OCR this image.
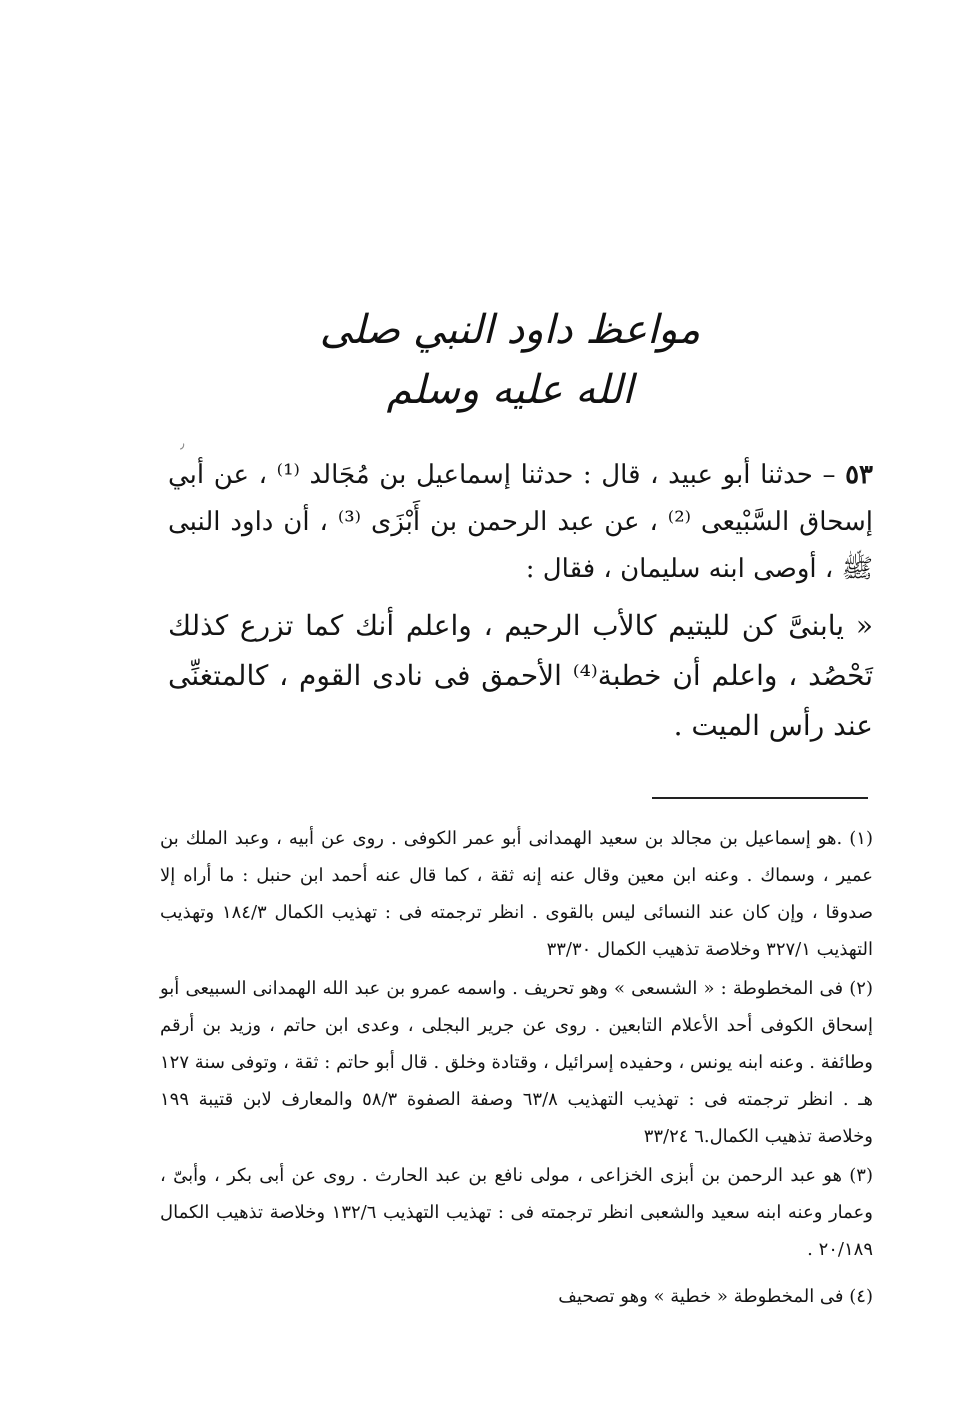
مواعظ داود النبي صلى الله عليه وسلم
٫

٥٣ – حدثنا أبو عبيد ، قال : حدثنا إسماعيل بن مُجَالد ⁽¹⁾ ، عن أبي إسحاق السَّبْيعى ⁽²⁾ ، عن عبد الرحمن بن أَبْزَى ⁽³⁾ ، أن داود النبى ﷺ ، أوصى ابنه سليمان ، فقال :

« يابنىَّ كن لليتيم كالأب الرحيم ، واعلم أنك كما تزرع كذلك تَحْصُد ، واعلم أن خطبة⁽⁴⁾ الأحمق فى نادى القوم ، كالمتغنِّى عند رأس الميت .

(١) .هو إسماعيل بن مجالد بن سعيد الهمدانى أبو عمر الكوفى . روى عن أبيه ، وعبد الملك بن عمير ، وسماك . وعنه ابن معين وقال عنه إنه ثقة ، كما قال عنه أحمد ابن حنبل : ما أراه إلا صدوقا ، وإن كان عند النسائى ليس بالقوى . انظر ترجمته فى : تهذيب الكمال ١٨٤/٣ وتهذيب التهذيب ٣٢٧/١ وخلاصة تذهيب الكمال ٣٣/٣٠

(٢) فى المخطوطة : « الشسعى » وهو تحريف . واسمه عمرو بن عبد الله الهمدانى السبيعى أبو إسحاق الكوفى أحد الأعلام التابعين . روى عن جرير البجلى ، وعدى ابن حاتم ، وزيد بن أرقم وطائفة . وعنه ابنه يونس ، وحفيده إسرائيل ، وقتادة وخلق . قال أبو حاتم : ثقة ، وتوفى سنة ١٢٧ هـ . انظر ترجمته فى : تهذيب التهذيب ٦٣/٨ وصفة الصفوة ٥٨/٣ والمعارف لابن قتيبة ١٩٩ وخلاصة تذهيب الكمال.٦ ٣٣/٢٤

(٣) هو عبد الرحمن بن أبزى الخزاعى ، مولى نافع بن عبد الحارث . روى عن أبى بكر ، وأبىّ ، وعمار وعنه ابنه سعيد والشعبى انظر ترجمته فى : تهذيب التهذيب ١٣٢/٦ وخلاصة تذهيب الكمال ٢٠/١٨٩ .

(٤) فى المخطوطة « خطية » وهو تصحيف
